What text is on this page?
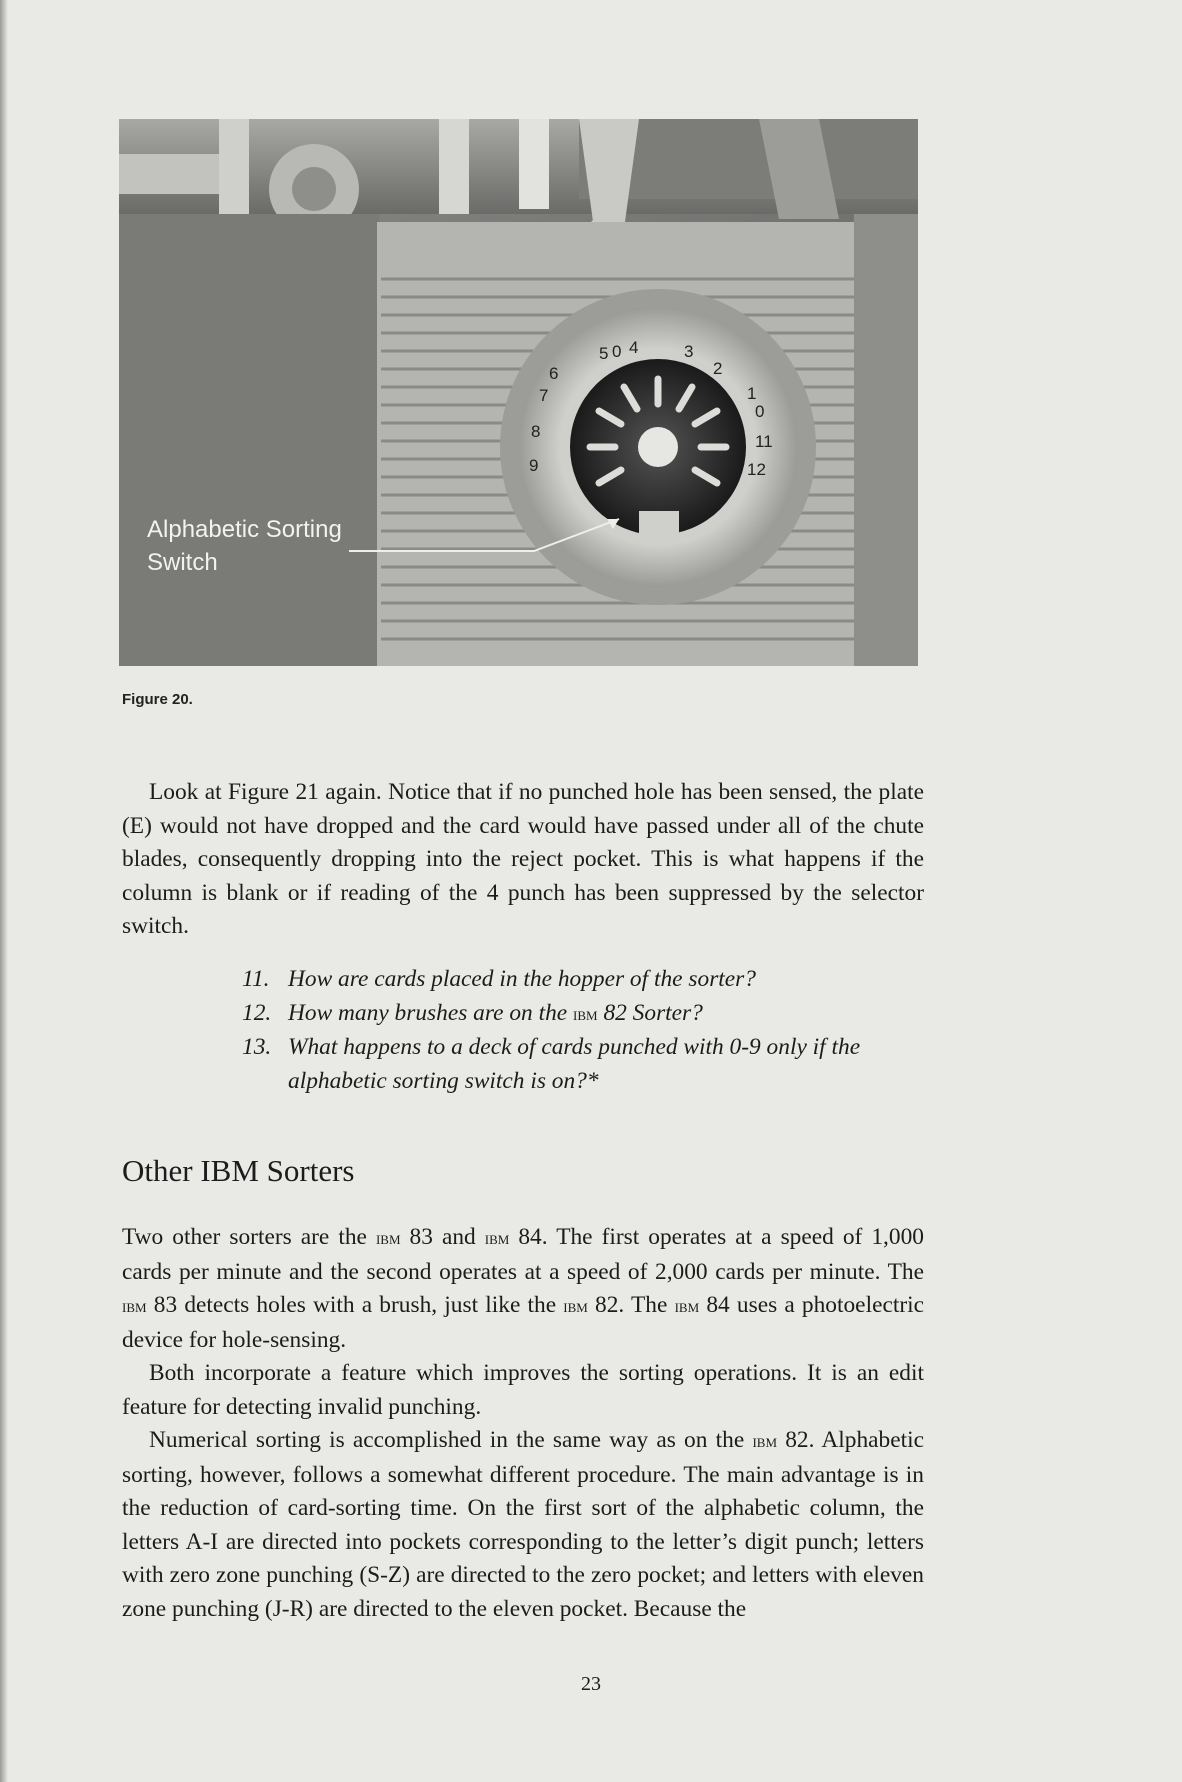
5 0 4	3
2
1
0
11
12
6
7
8
9
Alphabetic Sorting
Switch
Figure 20.

Look at Figure 21 again. Notice that if no punched hole has been sensed, the plate (E) would not have dropped and the card would have passed under all of the chute blades, consequently dropping into the reject pocket. This is what happens if the column is blank or if reading of the 4 punch has been suppressed by the selector switch.

11. How are cards placed in the hopper of the sorter?
12. How many brushes are on the ibm 82 Sorter?
13. What happens to a deck of cards punched with 0-9 only if the alphabetic sorting switch is on?*
Other IBM Sorters

Two other sorters are the ibm 83 and ibm 84. The first operates at a speed of 1,000 cards per minute and the second operates at a speed of 2,000 cards per minute. The ibm 83 detects holes with a brush, just like the ibm 82. The ibm 84 uses a photoelectric device for hole-sensing.

Both incorporate a feature which improves the sorting operations. It is an edit feature for detecting invalid punching.

Numerical sorting is accomplished in the same way as on the ibm 82. Alphabetic sorting, however, follows a somewhat different procedure. The main advantage is in the reduction of card-sorting time. On the first sort of the alphabetic column, the letters A-I are directed into pockets corresponding to the letter’s digit punch; letters with zero zone punching (S-Z) are directed to the zero pocket; and letters with eleven zone punching (J-R) are directed to the eleven pocket. Because the

23
